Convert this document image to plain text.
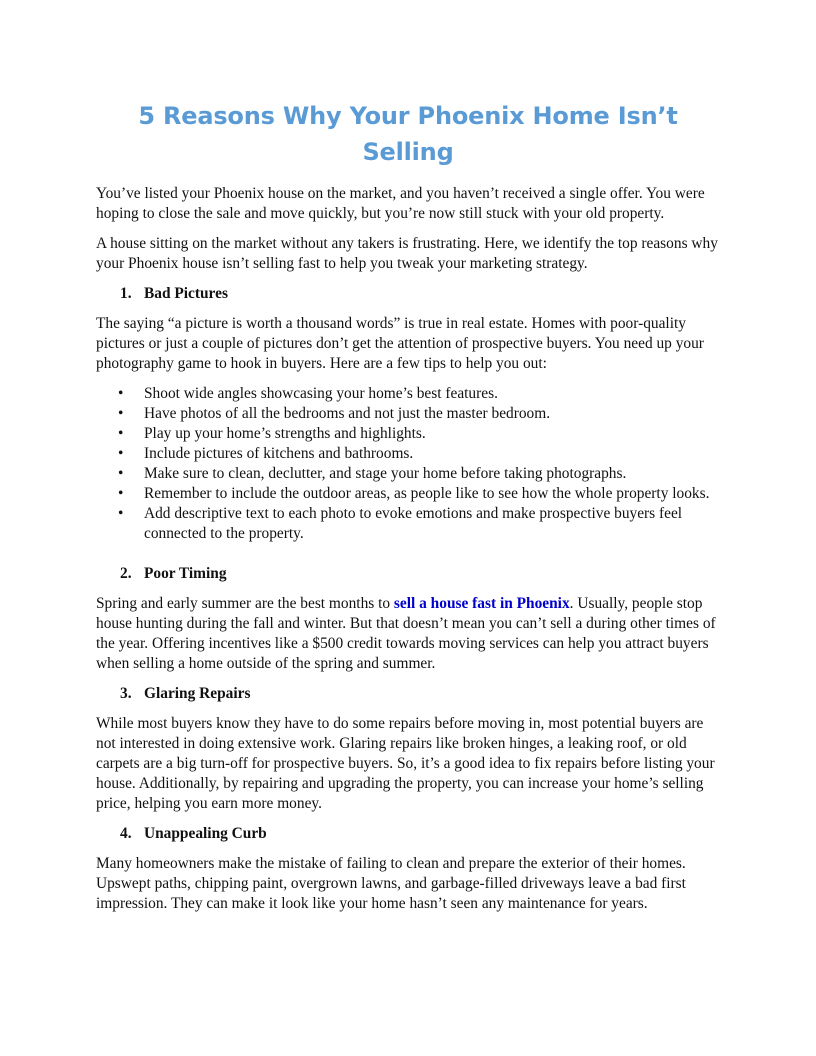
5 Reasons Why Your Phoenix Home Isn’t Selling

You’ve listed your Phoenix house on the market, and you haven’t received a single offer. You were hoping to close the sale and move quickly, but you’re now still stuck with your old property.

A house sitting on the market without any takers is frustrating. Here, we identify the top reasons why your Phoenix house isn’t selling fast to help you tweak your marketing strategy.

1. Bad Pictures

The saying “a picture is worth a thousand words” is true in real estate. Homes with poor-quality pictures or just a couple of pictures don’t get the attention of prospective buyers. You need up your photography game to hook in buyers. Here are a few tips to help you out:

• Shoot wide angles showcasing your home’s best features.
• Have photos of all the bedrooms and not just the master bedroom.
• Play up your home’s strengths and highlights.
• Include pictures of kitchens and bathrooms.
• Make sure to clean, declutter, and stage your home before taking photographs.
• Remember to include the outdoor areas, as people like to see how the whole property looks.
• Add descriptive text to each photo to evoke emotions and make prospective buyers feel connected to the property.
2. Poor Timing

Spring and early summer are the best months to sell a house fast in Phoenix. Usually, people stop house hunting during the fall and winter. But that doesn’t mean you can’t sell a during other times of the year. Offering incentives like a $500 credit towards moving services can help you attract buyers when selling a home outside of the spring and summer.

3. Glaring Repairs

While most buyers know they have to do some repairs before moving in, most potential buyers are not interested in doing extensive work. Glaring repairs like broken hinges, a leaking roof, or old carpets are a big turn-off for prospective buyers. So, it’s a good idea to fix repairs before listing your house. Additionally, by repairing and upgrading the property, you can increase your home’s selling price, helping you earn more money.

4. Unappealing Curb

Many homeowners make the mistake of failing to clean and prepare the exterior of their homes. Upswept paths, chipping paint, overgrown lawns, and garbage-filled driveways leave a bad first impression. They can make it look like your home hasn’t seen any maintenance for years.
